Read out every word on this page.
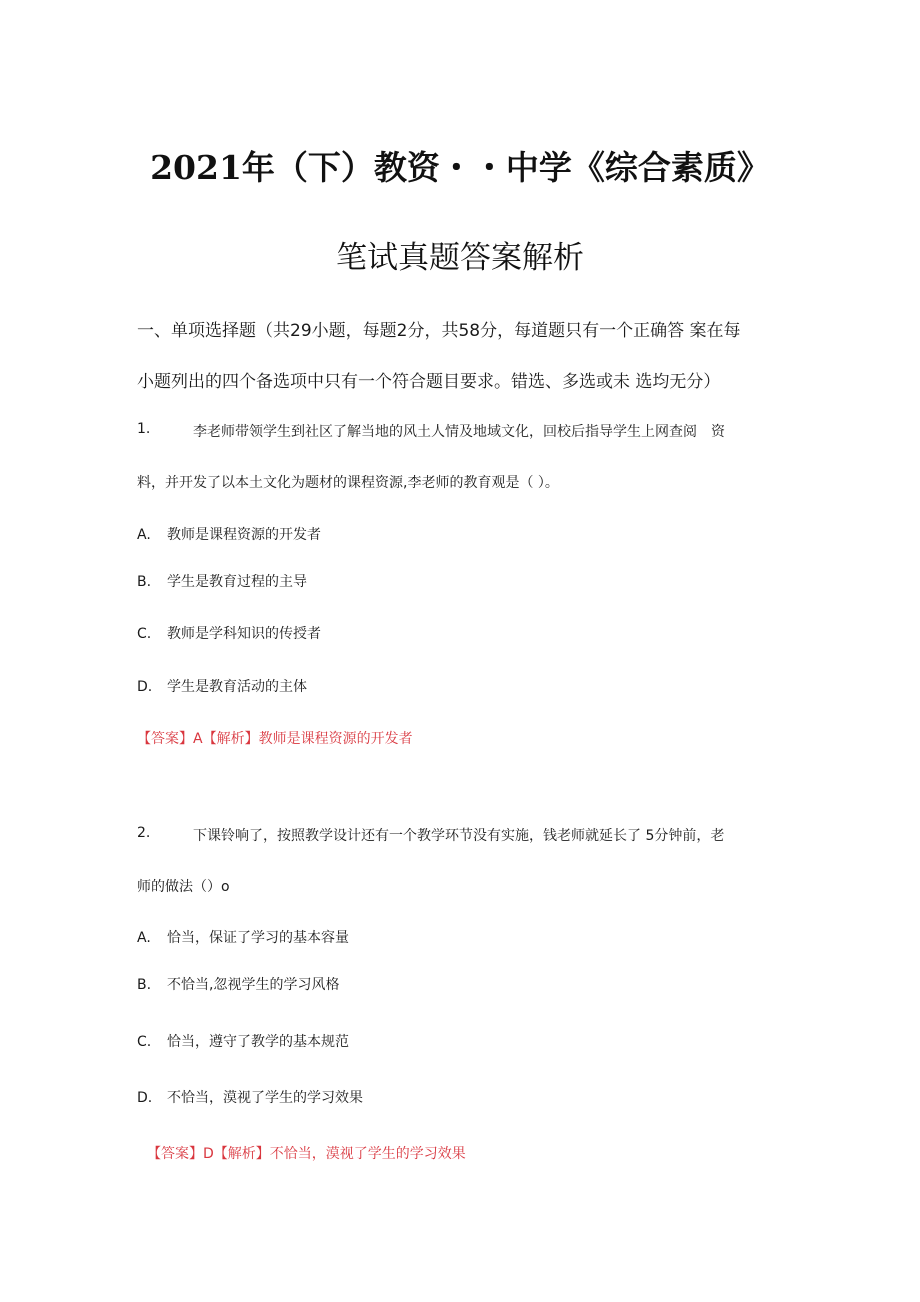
2021年（下）教资・・中学《综合素质》
笔试真题答案解析
一、单项选择题（共29小题，每题2分，共58分，每道题只有一个正确答 案在每
小题列出的四个备选项中只有一个符合题目要求。错选、多选或未 选均无分）
1.	李老师带领学生到社区了解当地的风土人情及地域文化，回校后指导学生上网查阅　资
料，并开发了以本土文化为题材的课程资源,李老师的教育观是（ ）。
A. 教师是课程资源的开发者
B. 学生是教育过程的主导
C. 教师是学科知识的传授者
D. 学生是教育活动的主体
【答案】A【解析】教师是课程资源的开发者
2.	下课铃响了，按照教学设计还有一个教学环节没有实施，钱老师就延长了 5分钟前，老
师的做法（）o
A. 恰当，保证了学习的基本容量
B. 不恰当,忽视学生的学习风格
C. 恰当，遵守了教学的基本规范
D. 不恰当，漠视了学生的学习效果
【答案】D【解析】不恰当，漠视了学生的学习效果
